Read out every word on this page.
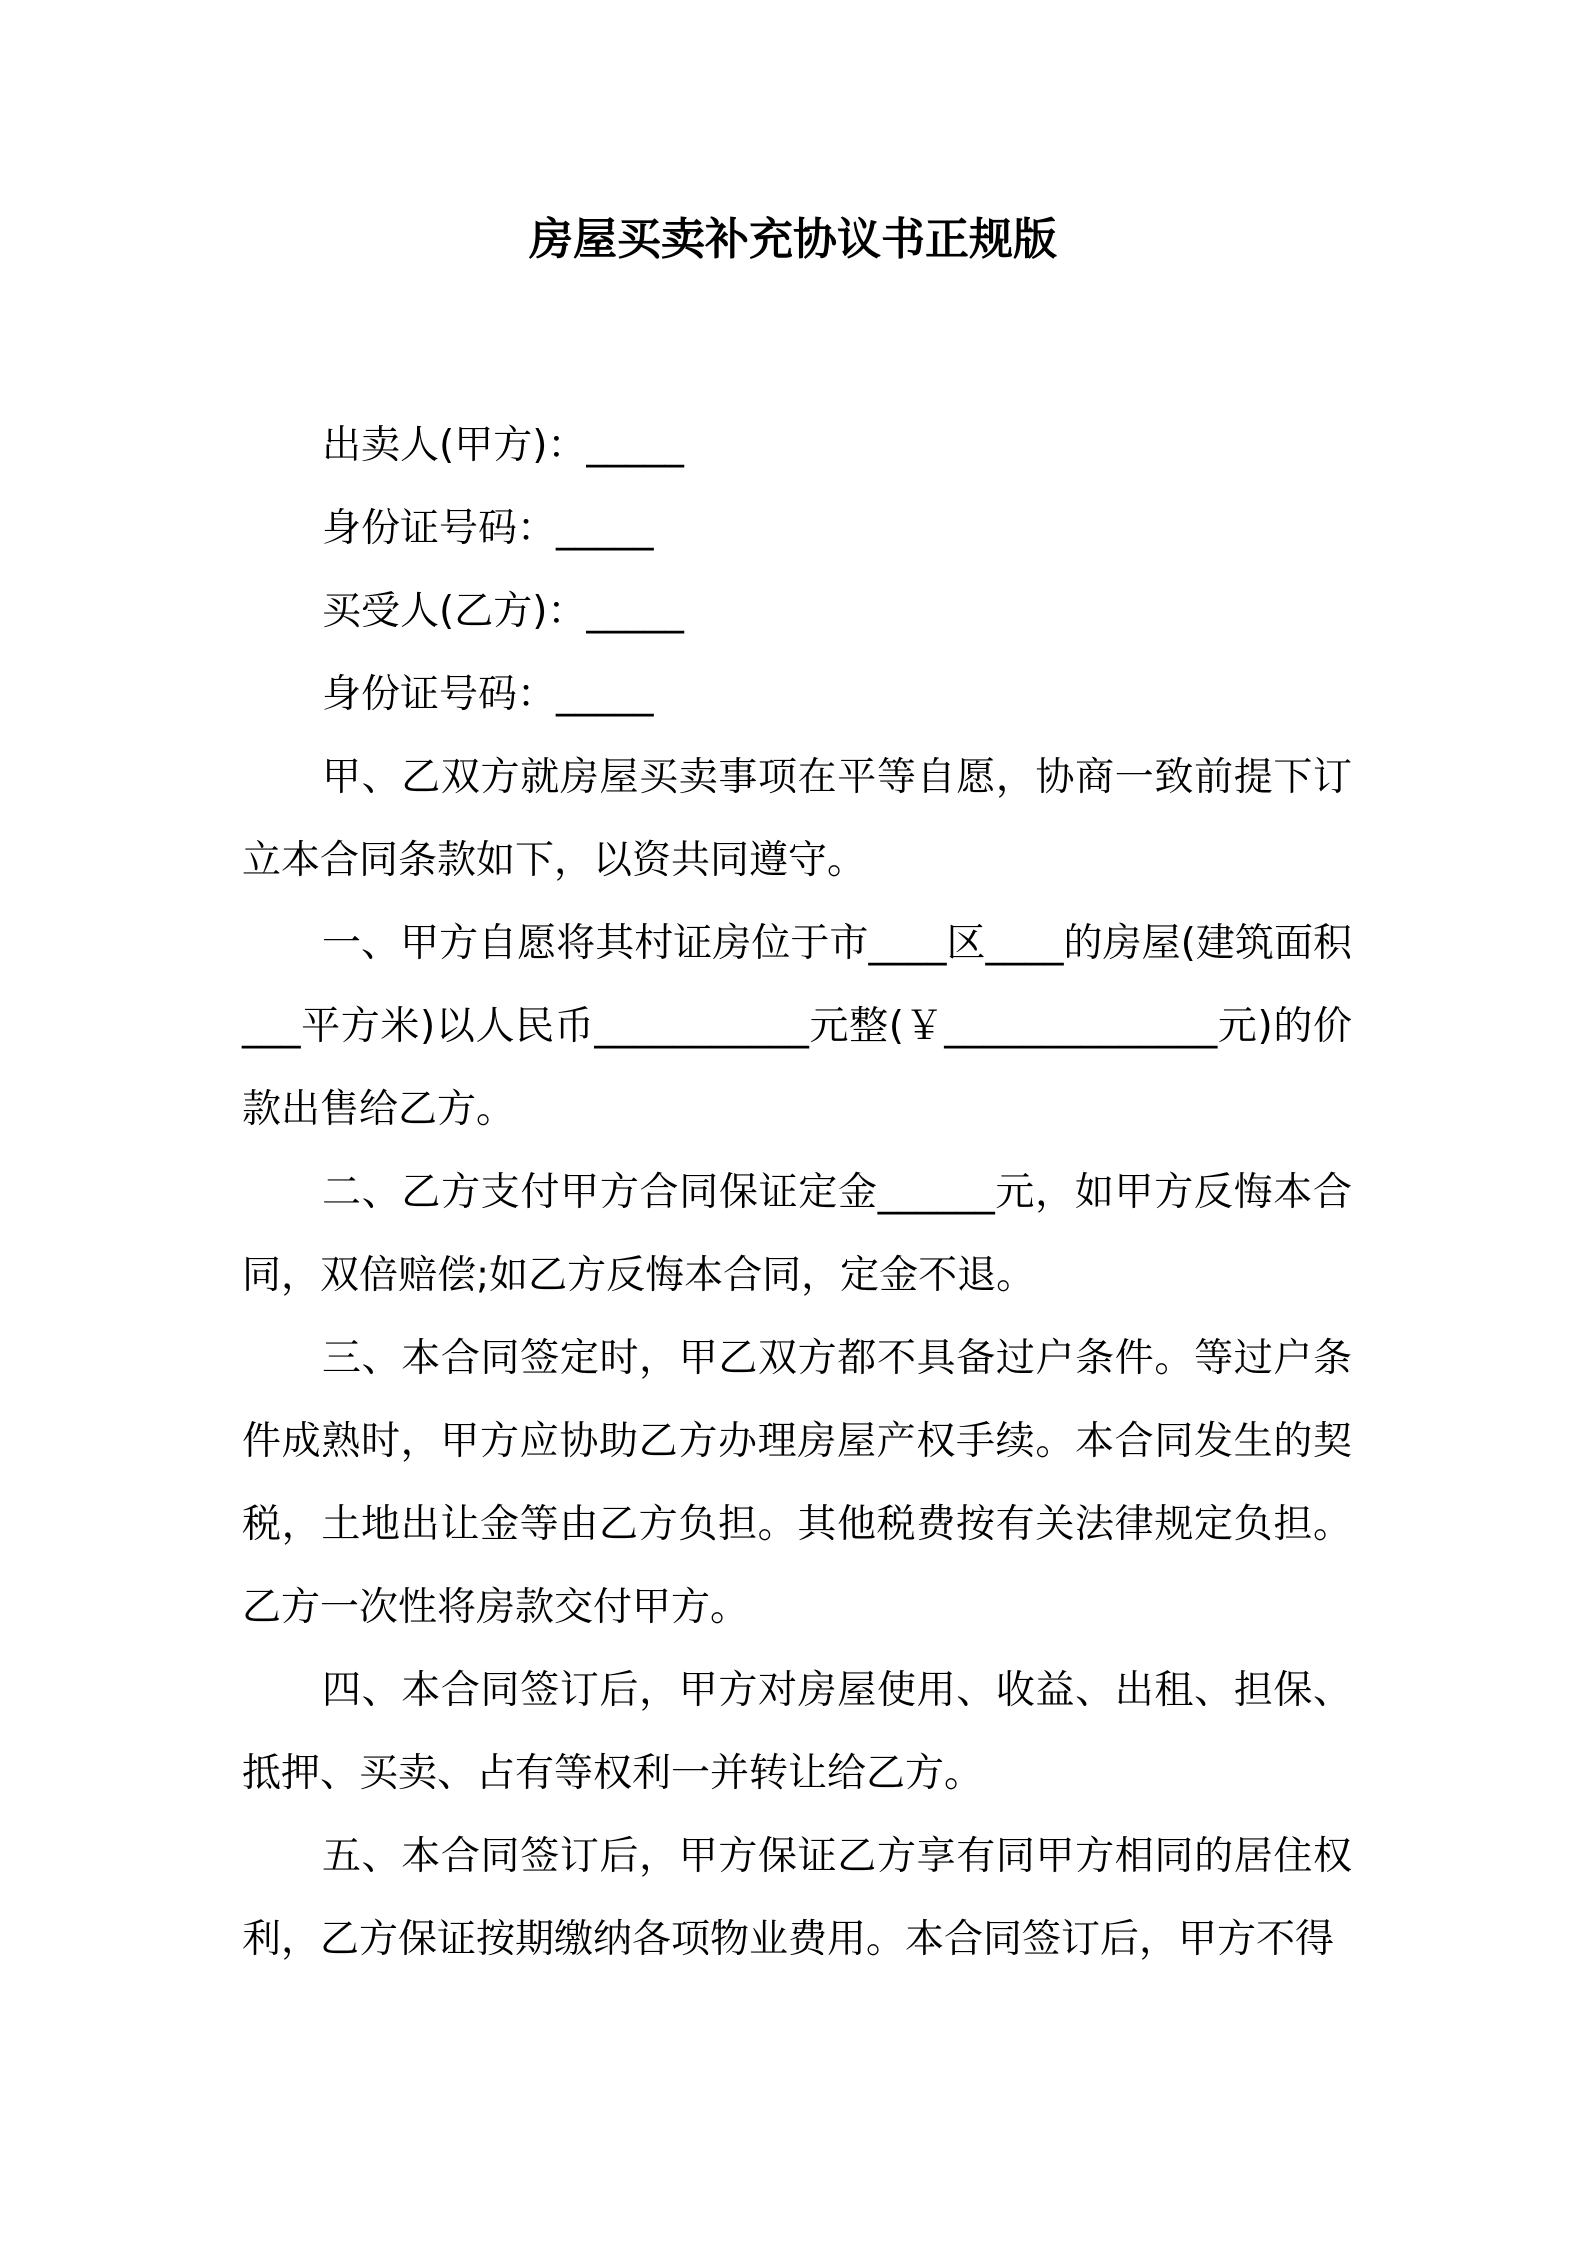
房屋买卖补充协议书正规版

出卖人(甲方)：_____

身份证号码：_____

买受人(乙方)：_____

身份证号码：_____

甲、乙双方就房屋买卖事项在平等自愿，协商一致前提下订立本合同条款如下，以资共同遵守。

一、甲方自愿将其村证房位于市____区____的房屋(建筑面积___平方米)以人民币___________元整(￥______________元)的价款出售给乙方。

二、乙方支付甲方合同保证定金______元，如甲方反悔本合同，双倍赔偿;如乙方反悔本合同，定金不退。

三、本合同签定时，甲乙双方都不具备过户条件。等过户条件成熟时，甲方应协助乙方办理房屋产权手续。本合同发生的契税，土地出让金等由乙方负担。其他税费按有关法律规定负担。乙方一次性将房款交付甲方。

四、本合同签订后，甲方对房屋使用、收益、出租、担保、抵押、买卖、占有等权利一并转让给乙方。

五、本合同签订后，甲方保证乙方享有同甲方相同的居住权利，乙方保证按期缴纳各项物业费用。本合同签订后，甲方不得
